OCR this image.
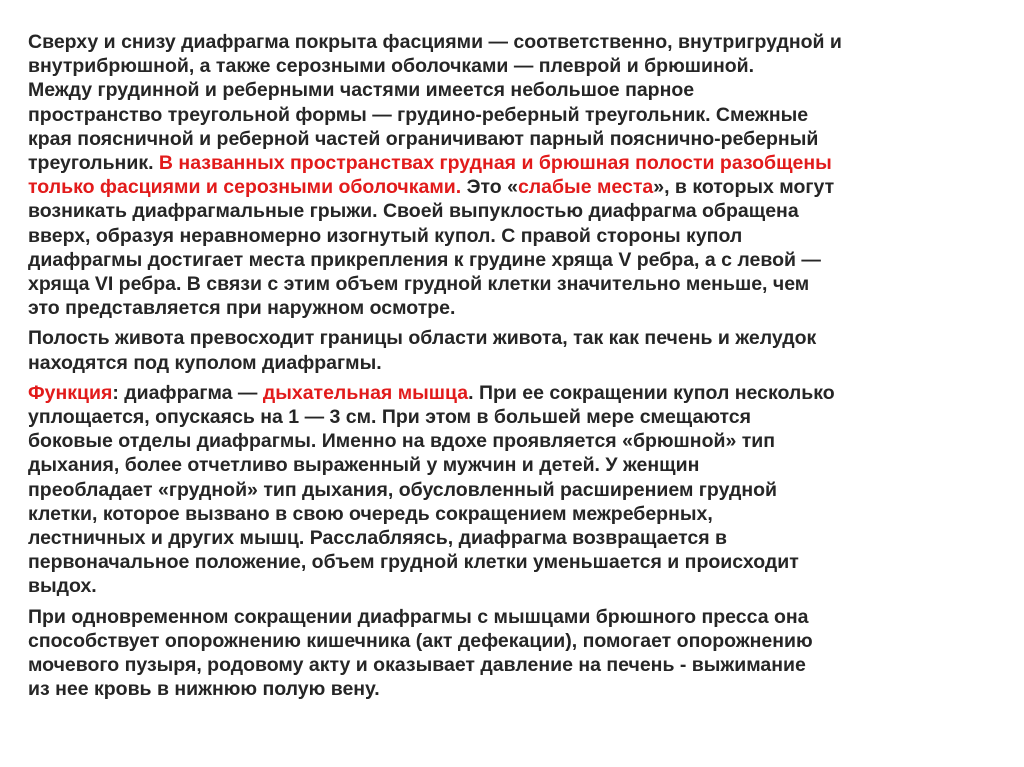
Сверху и снизу диафрагма покрыта фасциями — соответственно, внутригрудной и
внутрибрюшной, а также серозными оболочками — плеврой и брюшиной.
Между грудинной и реберными частями имеется небольшое парное
пространство треугольной формы — грудино-реберный треугольник. Смежные
края поясничной и реберной частей ограничивают парный пояснично-реберный
треугольник. В названных пространствах грудная и брюшная полости разобщены
только фасциями и серозными оболочками. Это «слабые места», в которых могут
возникать диафрагмальные грыжи. Своей выпуклостью диафрагма обращена
вверх, образуя неравномерно изогнутый купол. С правой стороны купол
диафрагмы достигает места прикрепления к грудине хряща V ребра, а с левой —
хряща VI ребра. В связи с этим объем грудной клетки значительно меньше, чем
это представляется при наружном осмотре.

Полость живота превосходит границы области живота, так как печень и желудок
находятся под куполом диафрагмы.

Функция: диафрагма — дыхательная мышца. При ее сокращении купол несколько
уплощается, опускаясь на 1 — 3 см. При этом в большей мере смещаются
боковые отделы диафрагмы. Именно на вдохе проявляется «брюшной» тип
дыхания, более отчетливо выраженный у мужчин и детей. У женщин
преобладает «грудной» тип дыхания, обусловленный расширением грудной
клетки, которое вызвано в свою очередь сокращением межреберных,
лестничных и других мышц. Расслабляясь, диафрагма возвращается в
первоначальное положение, объем грудной клетки уменьшается и происходит
выдох.

При одновременном сокращении диафрагмы с мышцами брюшного пресса она
способствует опорожнению кишечника (акт дефекации), помогает опорожнению
мочевого пузыря, родовому акту и оказывает давление на печень - выжимание
из нее кровь в нижнюю полую вену.
